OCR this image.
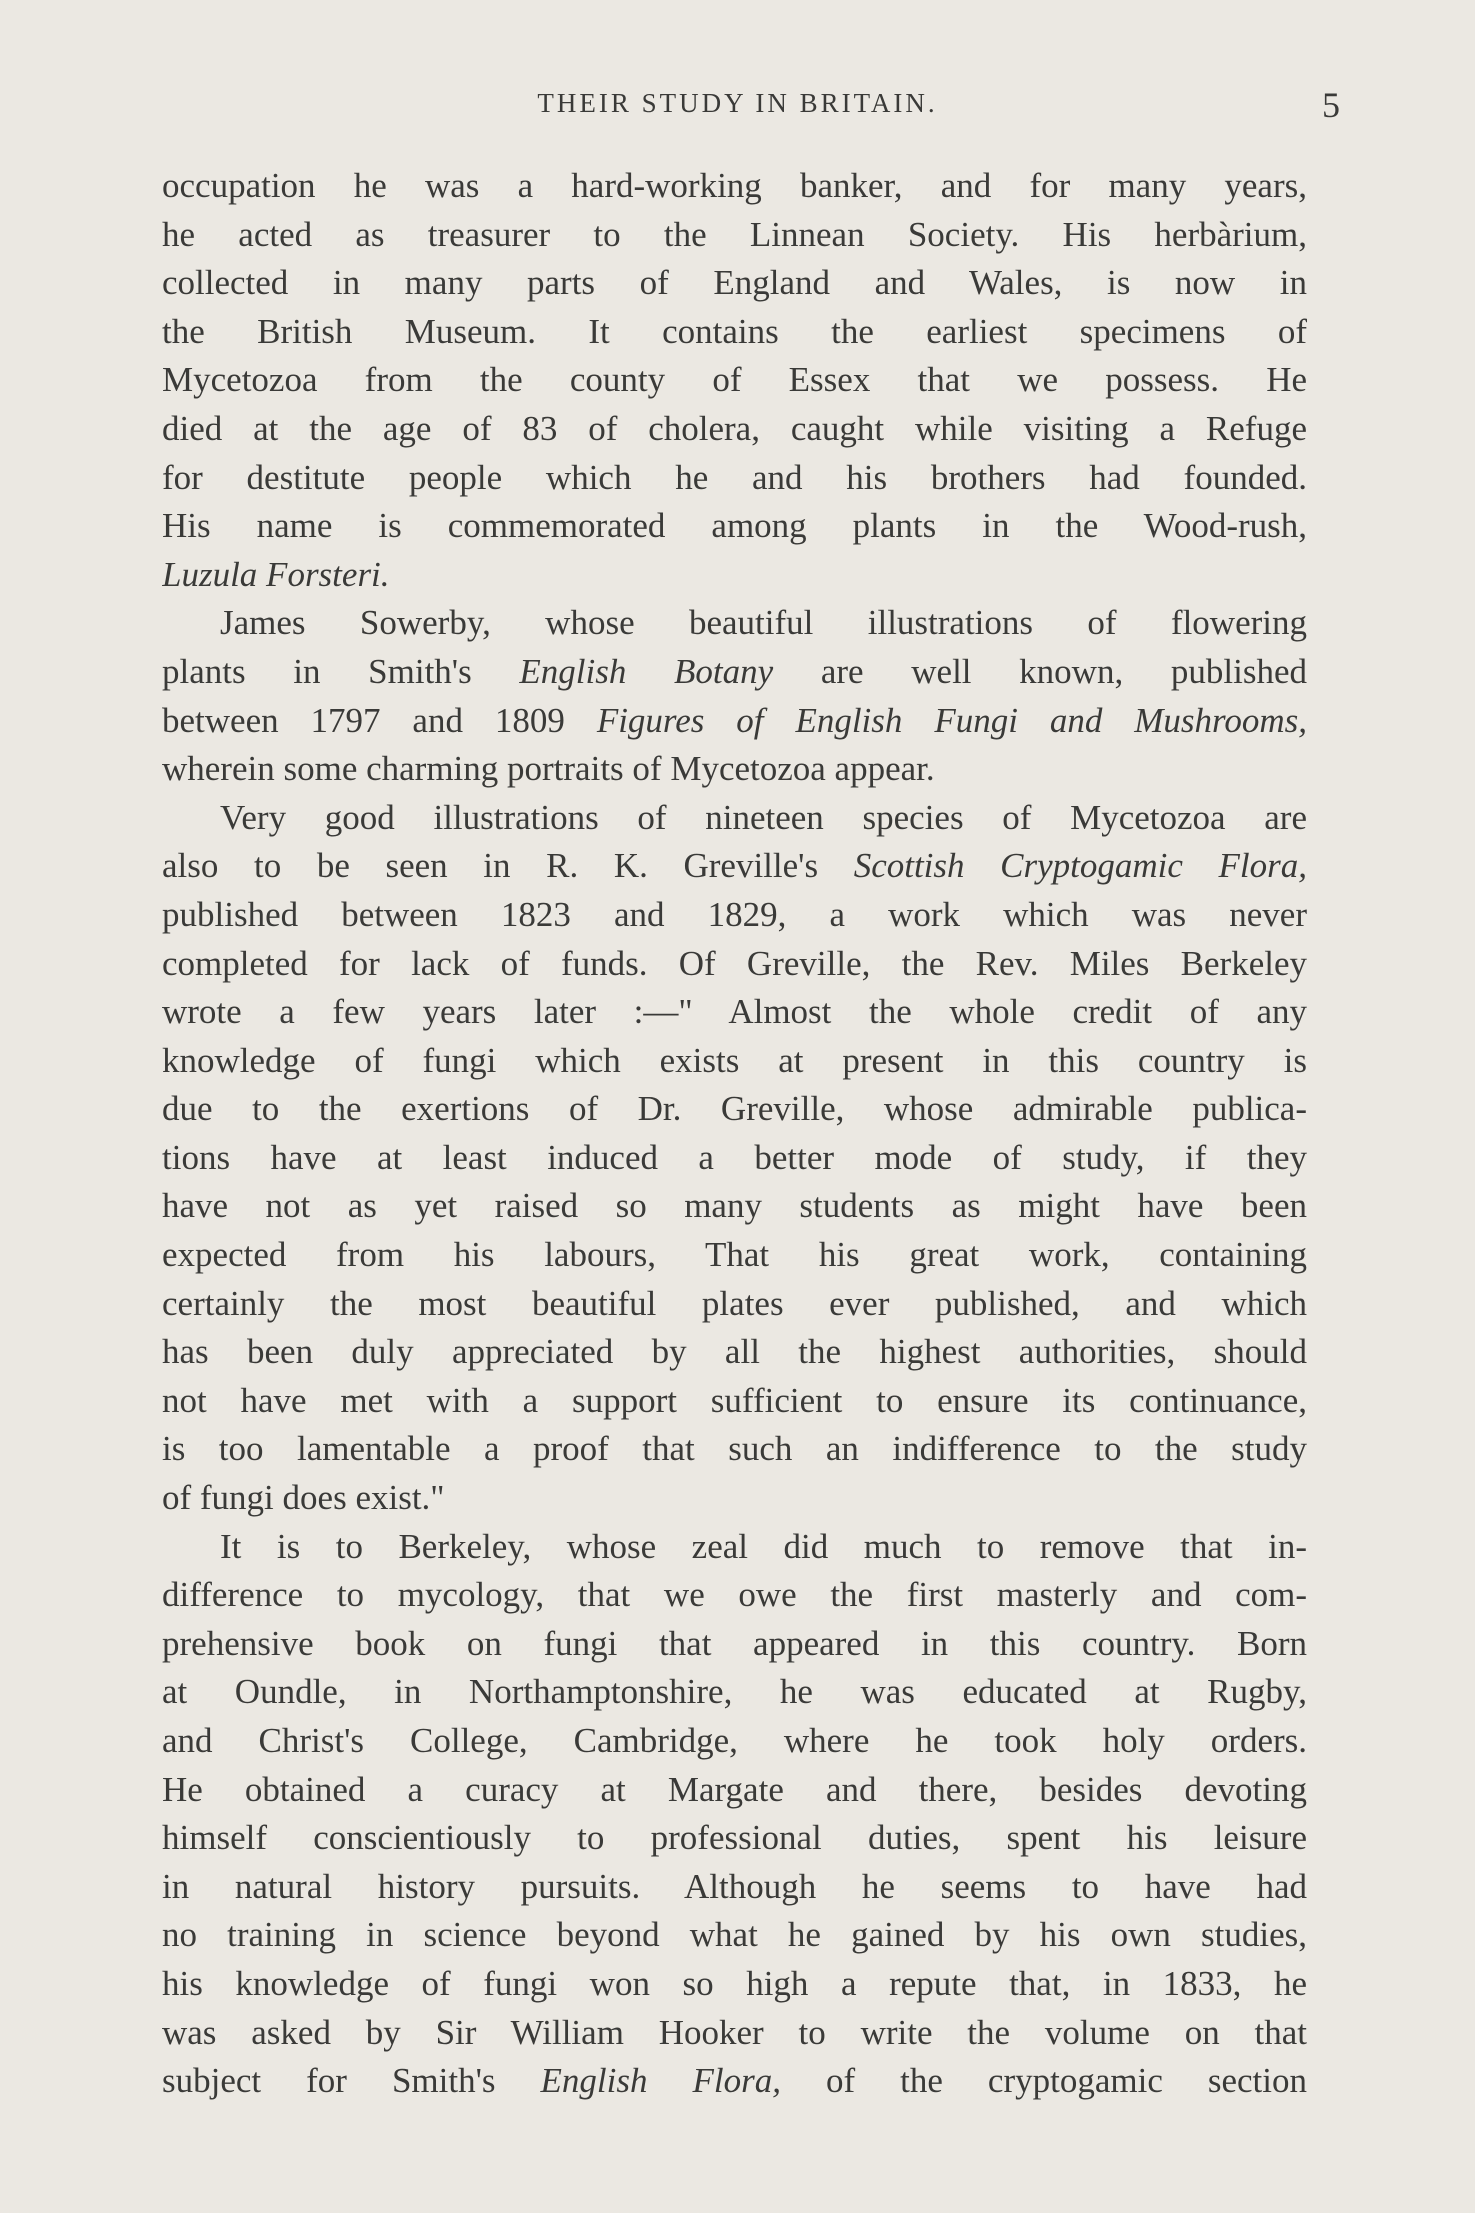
THEIR STUDY IN BRITAIN.	5
occupation he was a hard-working banker, and for many years,
he acted as treasurer to the Linnean Society. His herbàrium,
collected in many parts of England and Wales, is now in
the British Museum. It contains the earliest specimens of
Mycetozoa from the county of Essex that we possess. He
died at the age of 83 of cholera, caught while visiting a Refuge
for destitute people which he and his brothers had founded.
His name is commemorated among plants in the Wood-rush,
Luzula Forsteri.
James Sowerby, whose beautiful illustrations of flowering
plants in Smith's English Botany are well known, published
between 1797 and 1809 Figures of English Fungi and Mushrooms,
wherein some charming portraits of Mycetozoa appear.
Very good illustrations of nineteen species of Mycetozoa are
also to be seen in R. K. Greville's Scottish Cryptogamic Flora,
published between 1823 and 1829, a work which was never
completed for lack of funds. Of Greville, the Rev. Miles Berkeley
wrote a few years later :—" Almost the whole credit of any
knowledge of fungi which exists at present in this country is
due to the exertions of Dr. Greville, whose admirable publica-
tions have at least induced a better mode of study, if they
have not as yet raised so many students as might have been
expected from his labours, That his great work, containing
certainly the most beautiful plates ever published, and which
has been duly appreciated by all the highest authorities, should
not have met with a support sufficient to ensure its continuance,
is too lamentable a proof that such an indifference to the study
of fungi does exist."
It is to Berkeley, whose zeal did much to remove that in-
difference to mycology, that we owe the first masterly and com-
prehensive book on fungi that appeared in this country. Born
at Oundle, in Northamptonshire, he was educated at Rugby,
and Christ's College, Cambridge, where he took holy orders.
He obtained a curacy at Margate and there, besides devoting
himself conscientiously to professional duties, spent his leisure
in natural history pursuits. Although he seems to have had
no training in science beyond what he gained by his own studies,
his knowledge of fungi won so high a repute that, in 1833, he
was asked by Sir William Hooker to write the volume on that
subject for Smith's English Flora, of the cryptogamic section
